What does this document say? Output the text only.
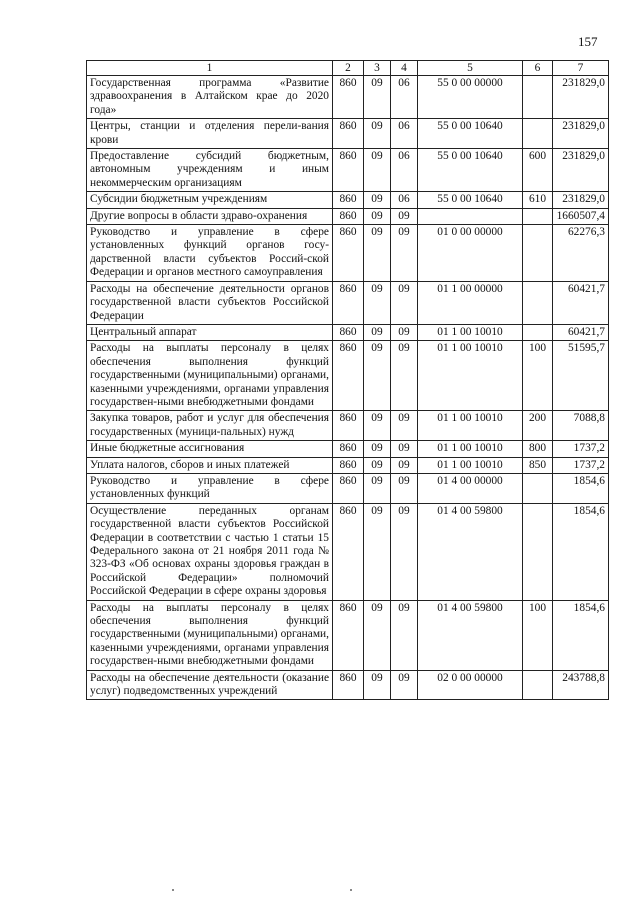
157
1	2	3	4	5	6	7
Государственная программа «Развитие здравоохранения в Алтайском крае до 2020 года»	860	09	06	55 0 00 00000		231829,0
Центры, станции и отделения перели-вания крови	860	09	06	55 0 00 10640		231829,0
Предоставление субсидий бюджетным, автономным учреждениям и иным некоммерческим организациям	860	09	06	55 0 00 10640	600	231829,0
Субсидии бюджетным учреждениям	860	09	06	55 0 00 10640	610	231829,0
Другие вопросы в области здраво-охранения	860	09	09			1660507,4
Руководство и управление в сфере установленных функций органов госу-дарственной власти субъектов Россий-ской Федерации и органов местного самоуправления	860	09	09	01 0 00 00000		62276,3
Расходы на обеспечение деятельности органов государственной власти субъектов Российской Федерации	860	09	09	01 1 00 00000		60421,7
Центральный аппарат	860	09	09	01 1 00 10010		60421,7
Расходы на выплаты персоналу в целях обеспечения выполнения функций государственными (муниципальными) органами, казенными учреждениями, органами управления государствен-ными внебюджетными фондами	860	09	09	01 1 00 10010	100	51595,7
Закупка товаров, работ и услуг для обеспечения государственных (муници-пальных) нужд	860	09	09	01 1 00 10010	200	7088,8
Иные бюджетные ассигнования	860	09	09	01 1 00 10010	800	1737,2
Уплата налогов, сборов и иных платежей	860	09	09	01 1 00 10010	850	1737,2
Руководство и управление в сфере установленных функций	860	09	09	01 4 00 00000		1854,6
Осуществление переданных органам государственной власти субъектов Российской Федерации в соответствии с частью 1 статьи 15 Федерального закона от 21 ноября 2011 года № 323-ФЗ «Об основах охраны здоровья граждан в Российской Федерации» полномочий Российской Федерации в сфере охраны здоровья	860	09	09	01 4 00 59800		1854,6
Расходы на выплаты персоналу в целях обеспечения выполнения функций государственными (муниципальными) органами, казенными учреждениями, органами управления государствен-ными внебюджетными фондами	860	09	09	01 4 00 59800	100	1854,6
Расходы на обеспечение деятельности (оказание услуг) подведомственных учреждений	860	09	09	02 0 00 00000		243788,8
